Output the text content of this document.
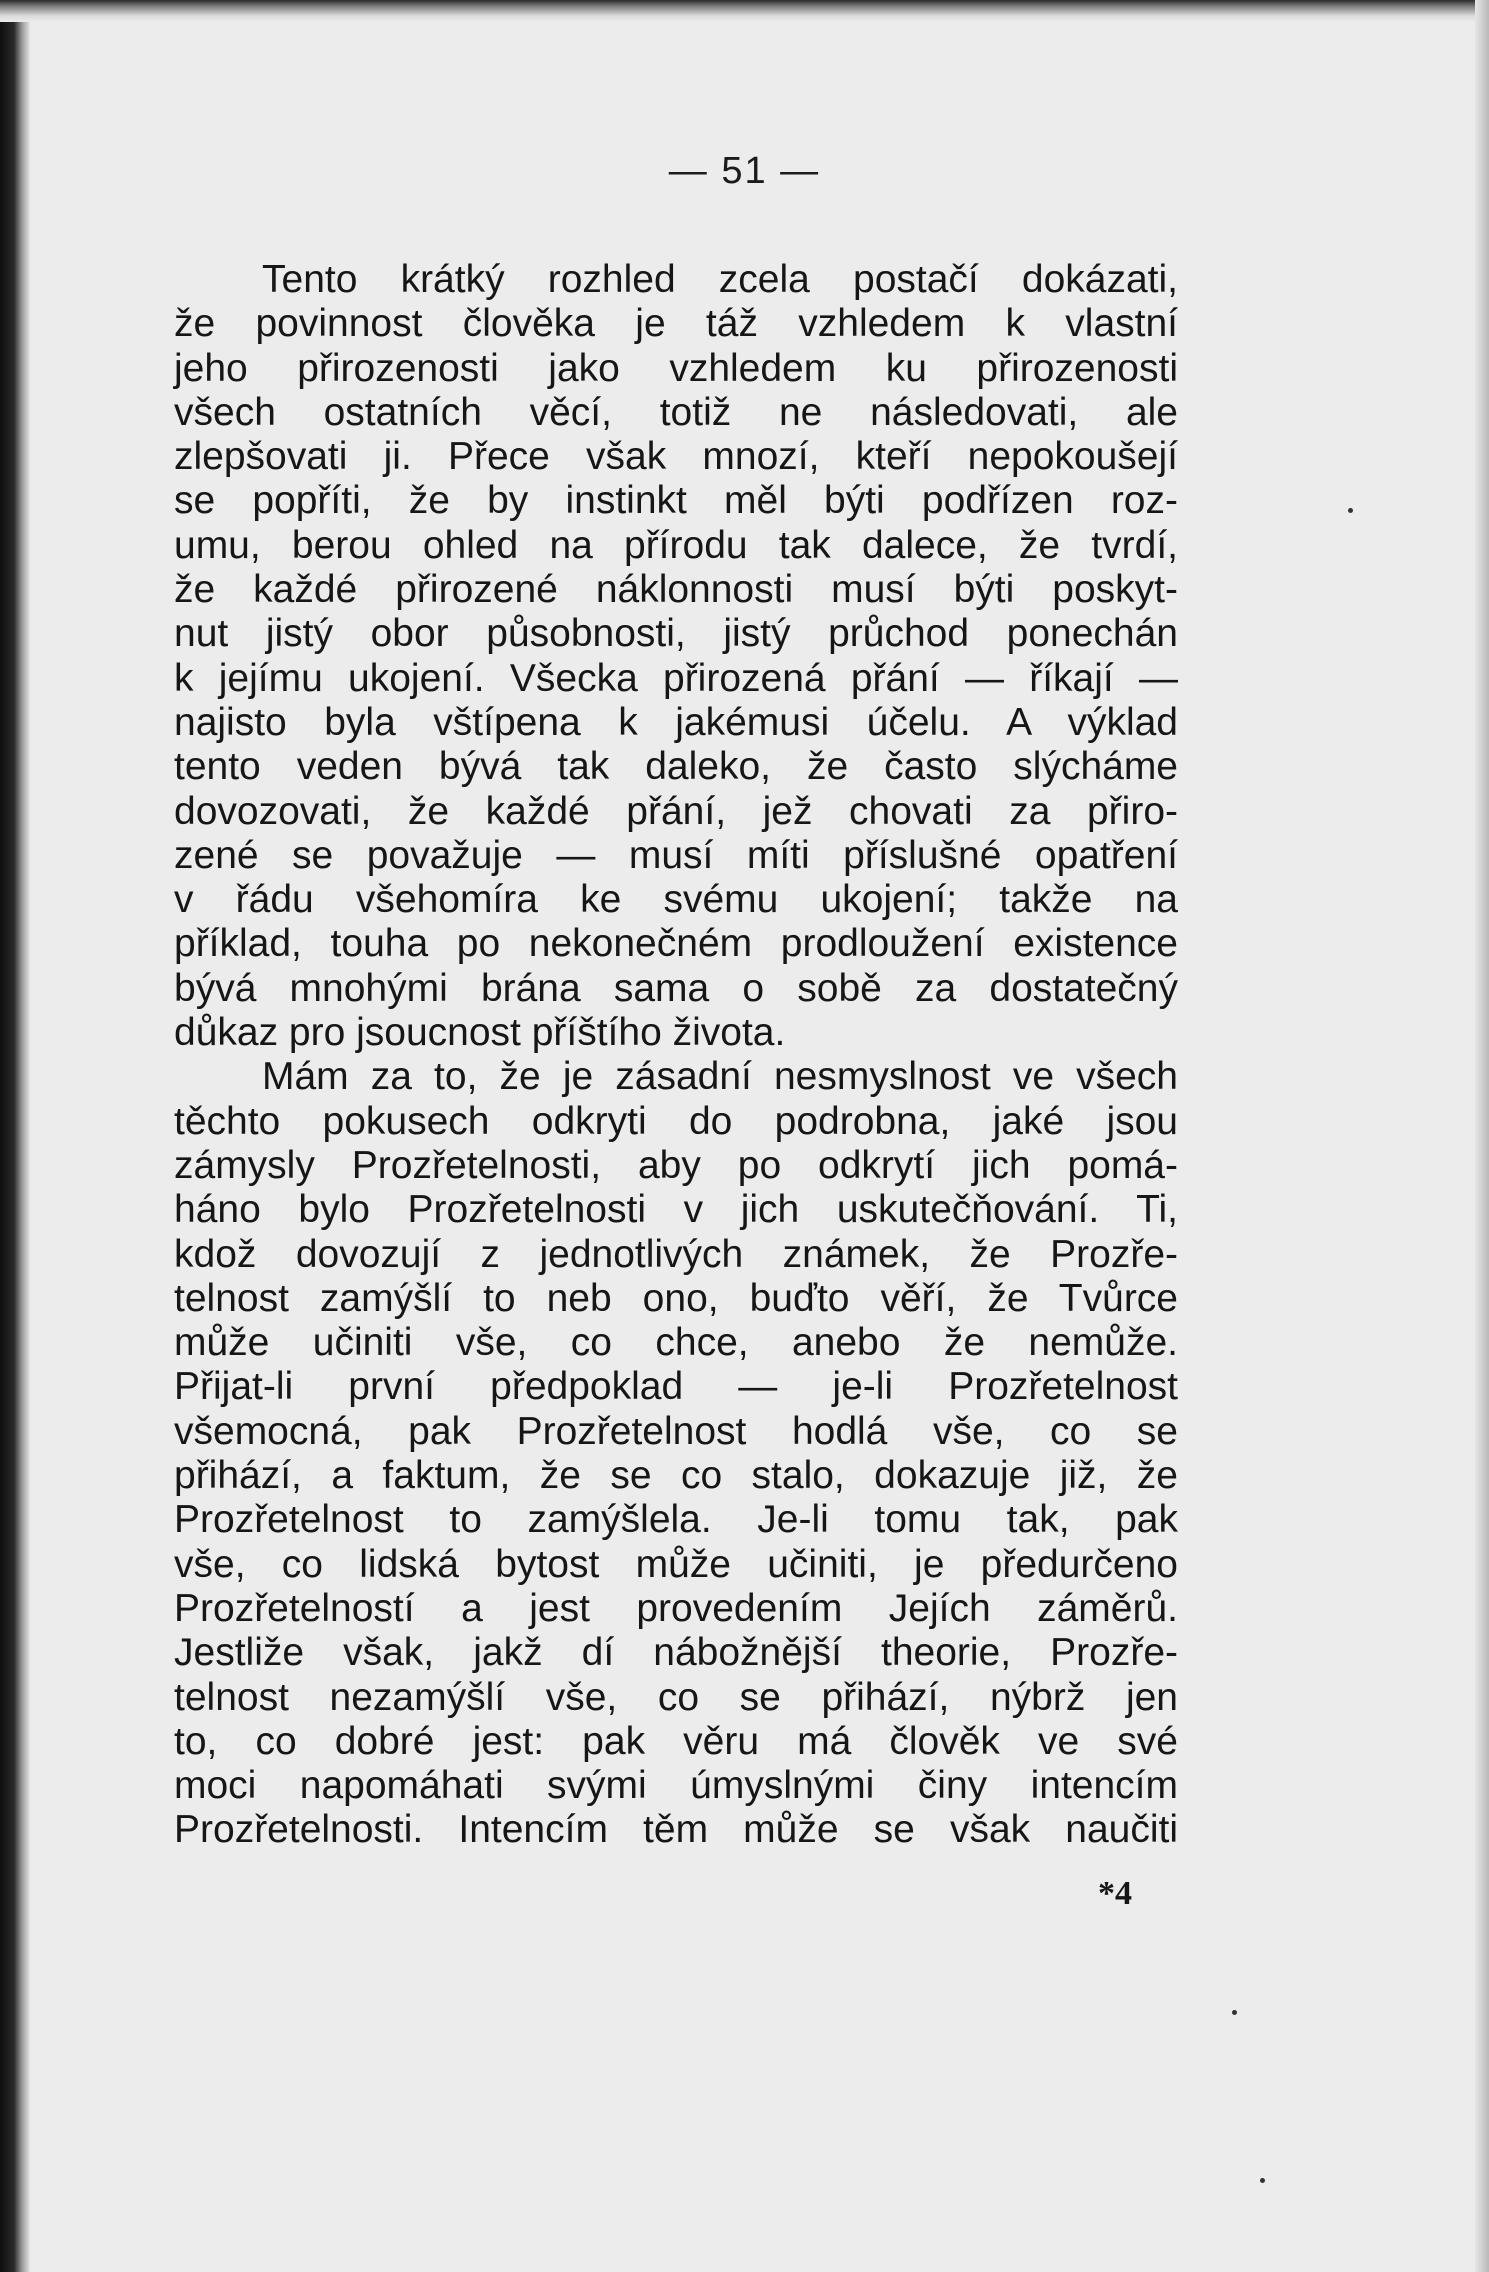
— 51 —
Tento krátký rozhled zcela postačí dokázati,
že povinnost člověka je táž vzhledem k vlastní
jeho přirozenosti jako vzhledem ku přirozenosti
všech ostatních věcí, totiž ne následovati, ale
zlepšovati ji. Přece však mnozí, kteří nepokoušejí
se popříti, že by instinkt měl býti podřízen roz-
umu, berou ohled na přírodu tak dalece, že tvrdí,
že každé přirozené náklonnosti musí býti poskyt-
nut jistý obor působnosti, jistý průchod ponechán
k jejímu ukojení. Všecka přirozená přání — říkají —
najisto byla vštípena k jakémusi účelu. A výklad
tento veden bývá tak daleko, že často slýcháme
dovozovati, že každé přání, jež chovati za přiro-
zené se považuje — musí míti příslušné opatření
v řádu všehomíra ke svému ukojení; takže na
příklad, touha po nekonečném prodloužení existence
bývá mnohými brána sama o sobě za dostatečný
důkaz pro jsoucnost příštího života.
Mám za to, že je zásadní nesmyslnost ve všech
těchto pokusech odkryti do podrobna, jaké jsou
zámysly Prozřetelnosti, aby po odkrytí jich pomá-
háno bylo Prozřetelnosti v jich uskutečňování. Ti,
kdož dovozují z jednotlivých známek, že Prozře-
telnost zamýšlí to neb ono, buďto věří, že Tvůrce
může učiniti vše, co chce, anebo že nemůže.
Přijat-li první předpoklad — je-li Prozřetelnost
všemocná, pak Prozřetelnost hodlá vše, co se
přihází, a faktum, že se co stalo, dokazuje již, že
Prozřetelnost to zamýšlela. Je-li tomu tak, pak
vše, co lidská bytost může učiniti, je předurčeno
Prozřetelností a jest provedením Jejích záměrů.
Jestliže však, jakž dí nábožnější theorie, Prozře-
telnost nezamýšlí vše, co se přihází, nýbrž jen
to, co dobré jest: pak věru má člověk ve své
moci napomáhati svými úmyslnými činy intencím
Prozřetelnosti. Intencím těm může se však naučiti
*4
